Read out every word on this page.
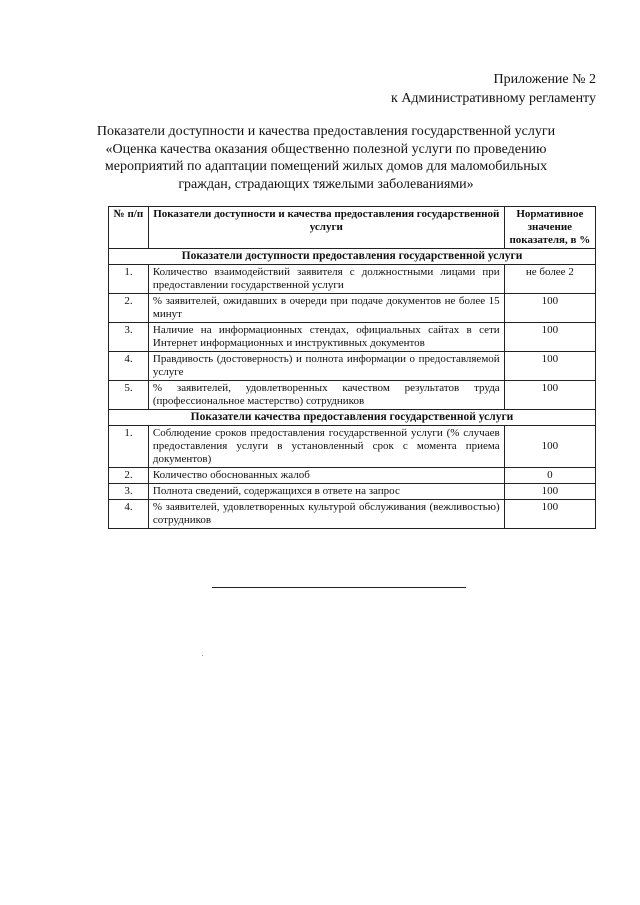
Приложение № 2
к Административному регламенту
Показатели доступности и качества предоставления государственной услуги «Оценка качества оказания общественно полезной услуги по проведению мероприятий по адаптации помещений жилых домов для маломобильных граждан, страдающих тяжелыми заболеваниями»
№ п/п	Показатели доступности и качества предоставления государственной услуги	Нормативное значение показателя, в %
Показатели доступности предоставления государственной услуги		
1.	Количество взаимодействий заявителя с должностными лицами при предоставлении государственной услуги	не более 2
2.	% заявителей, ожидавших в очереди при подаче документов не более 15 минут	100
3.	Наличие на информационных стендах, официальных сайтах в сети Интернет информационных и инструктивных документов	100
4.	Правдивость (достоверность) и полнота информации о предоставляемой услуге	100
5.	% заявителей, удовлетворенных качеством результатов труда (профессиональное мастерство) сотрудников	100
Показатели качества предоставления государственной услуги		
1.	Соблюдение сроков предоставления государственной услуги (% случаев предоставления услуги в установленный срок с момента приема документов)	100
2.	Количество обоснованных жалоб	0
3.	Полнота сведений, содержащихся в ответе на запрос	100
4.	% заявителей, удовлетворенных культурой обслуживания (вежливостью) сотрудников	100
